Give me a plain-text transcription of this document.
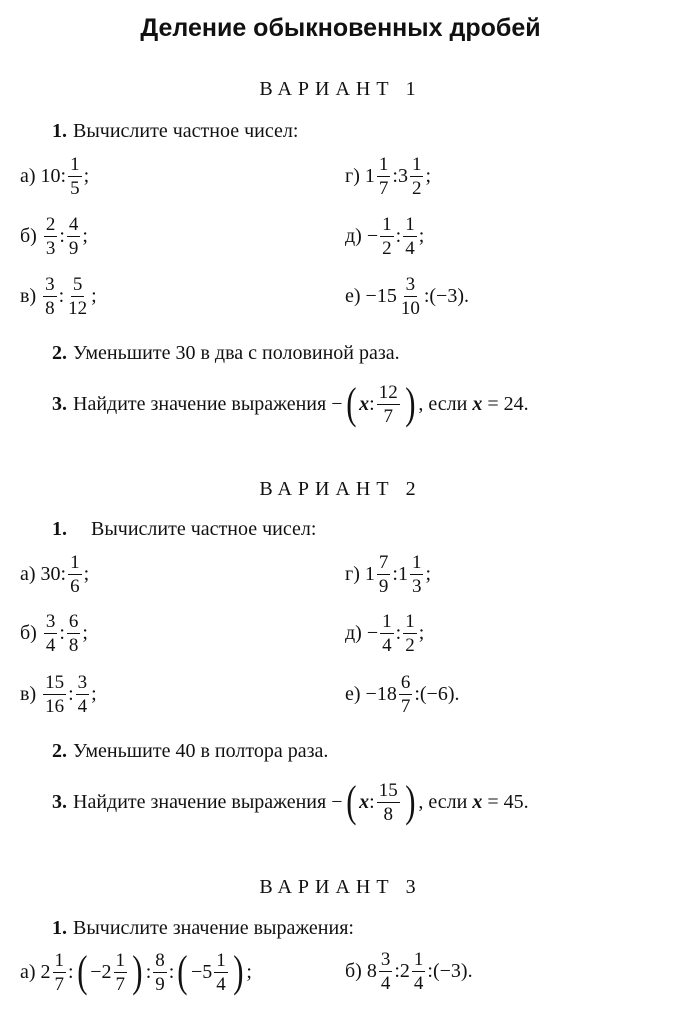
Деление обыкновенных дробей
ВАРИАНТ 1
1. Вычислите частное чисел:
а) 10 : $\frac{1}{5}$ ;
$б) \frac{2}{3}$ : $\frac{4}{9}$ ;
$в) \frac{3}{8}$ : $\frac{5}{12}$ ;
г) $1 \frac{1}{7}$ : $3 \frac{1}{2}$ ;
$д) - \frac{1}{2}$ : $\frac{1}{4}$ ;
$е) -15 \frac{3}{10}$ : (−3) .
2. Уменьшите 30 в два с половиной раза.
3. Найдите значение выражения − ( x : $\frac{12}{7}$ ) , если x = 24.
ВАРИАНТ 2
1. Вычислите частное чисел:
а) 30 : $\frac{1}{6}$ ;
$б) \frac{3}{4}$ : $\frac{6}{8}$ ;
$в) \frac{15}{16}$ : $\frac{3}{4}$ ;
г) $1 \frac{7}{9}$ : $1 \frac{1}{3}$ ;
$д) - \frac{1}{4}$ : $\frac{1}{2}$ ;
$е) -18 \frac{6}{7}$ : (−6) .
2. Уменьшите 40 в полтора раза.
3. Найдите значение выражения − ( x : $\frac{15}{8}$ ) , если x = 45.
ВАРИАНТ 3
1. Вычислите значение выражения:
а) $2 \frac{1}{7}$ : ( $-2 \frac{1}{7}$ ) : $\frac{8}{9}$ : ( $-5 \frac{1}{4}$ ) ;	б) $8 \frac{3}{4}$ : $2 \frac{1}{4}$ : (−3) .
